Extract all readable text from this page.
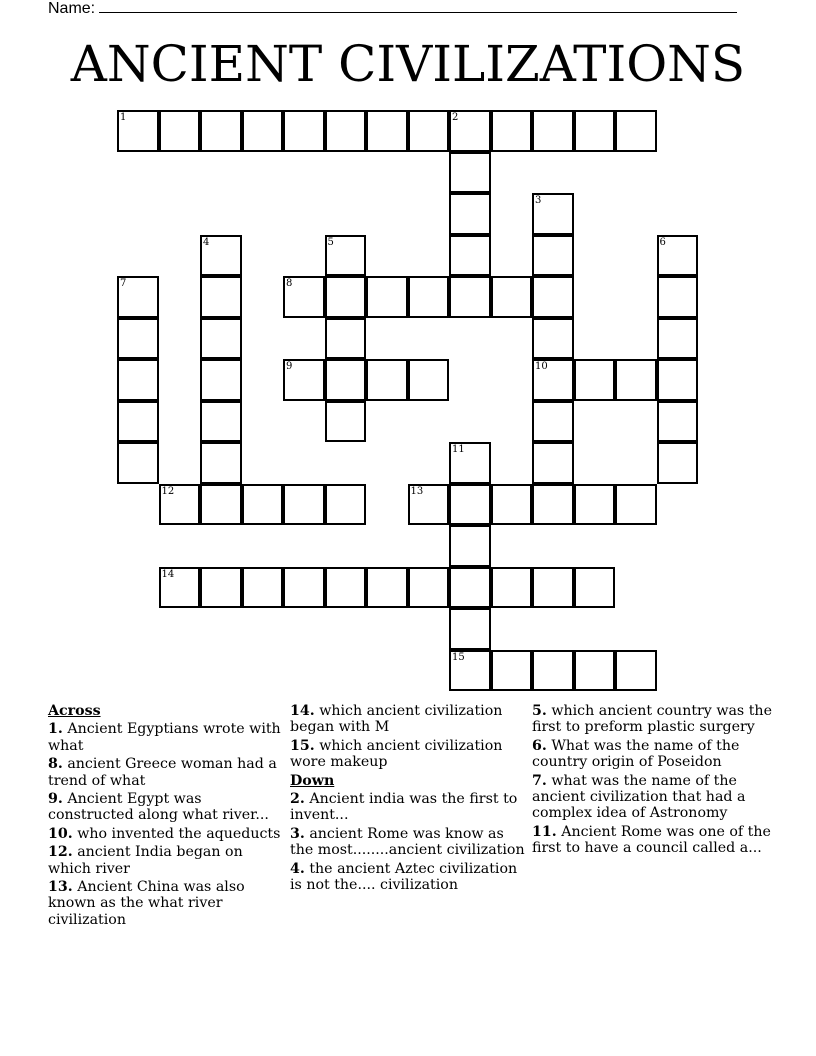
Name:
ANCIENT CIVILIZATIONS
1	2
3
10
4	5	6
7	8
9
11
15
12	13
14
Across
1. Ancient Egyptians wrote with what
8. ancient Greece woman had a trend of what
9. Ancient Egypt was constructed along what river...
10. who invented the aqueducts
12. ancient India began on which river
13. Ancient China was also known as the what river civilization
14. which ancient civilization began with M
15. which ancient civilization wore makeup
Down
2. Ancient india was the first to invent...
3. ancient Rome was know as the most........ancient civilization
4. the ancient Aztec civilization is not the.... civilization
5. which ancient country was the first to preform plastic surgery
6. What was the name of the country origin of Poseidon
7. what was the name of the ancient civilization that had a complex idea of Astronomy
11. Ancient Rome was one of the first to have a council called a...
